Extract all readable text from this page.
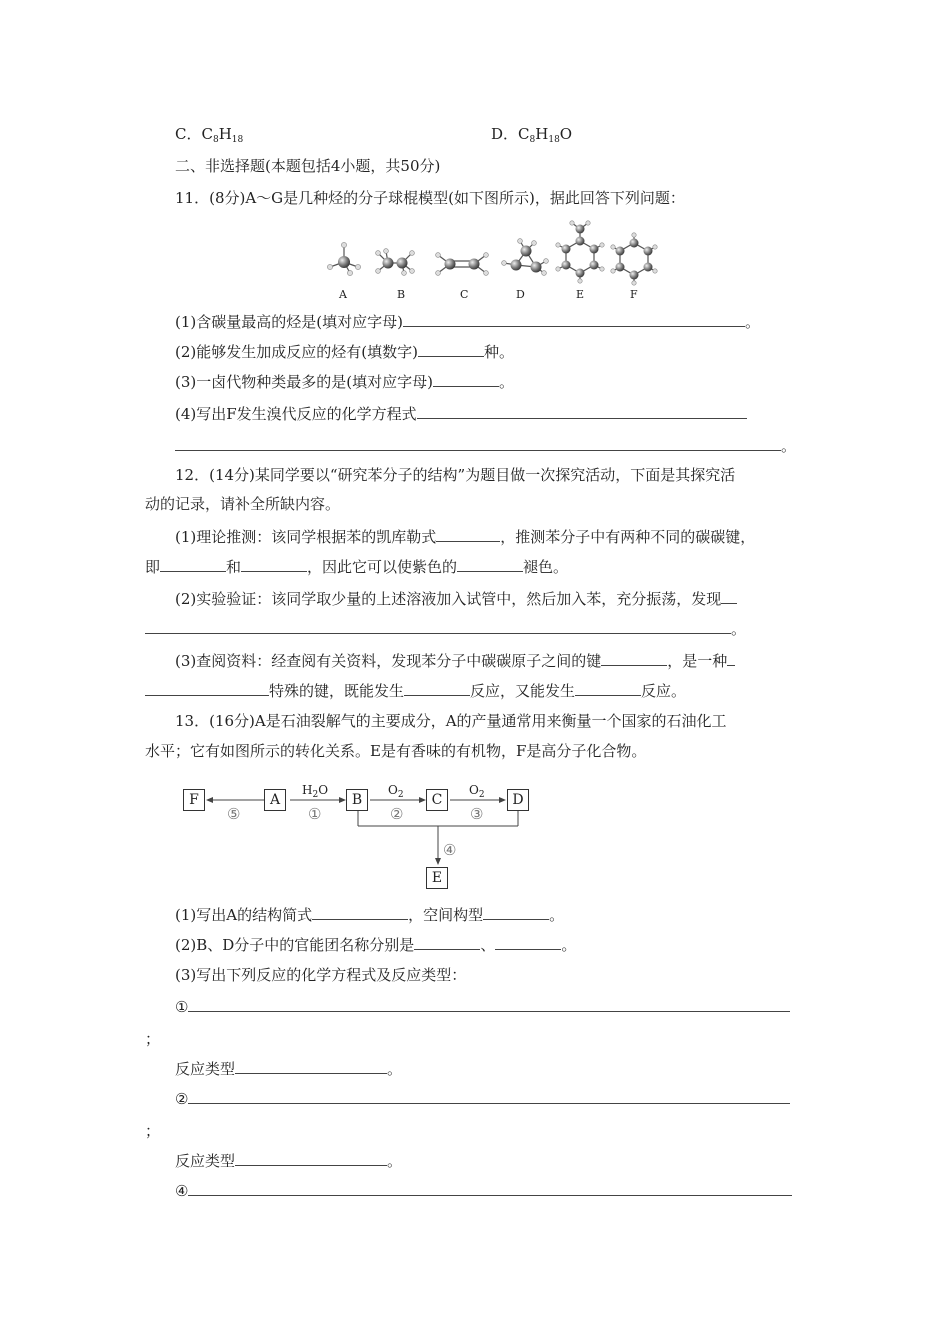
C．$C_8H_{18}$	D．$C_8H_{18}O$
二、非选择题(本题包括4小题，共50分)
11．(8分)A～G是几种烃的分子球棍模型(如下图所示)，据此回答下列问题：
A	B	C	D	E	F
(1)含碳量最高的烃是(填对应字母)	。
(2)能够发生加成反应的烃有(填数字)	种。
(3)一卤代物种类最多的是(填对应字母)	。
(4)写出F发生溴代反应的化学方程式
。
12．(14分)某同学要以“研究苯分子的结构”为题目做一次探究活动，下面是其探究活
动的记录，请补全所缺内容。
(1)理论推测：该同学根据苯的凯库勒式	，推测苯分子中有两种不同的碳碳键，
即	和	，因此它可以使紫色的	褪色。
(2)实验验证：该同学取少量的上述溶液加入试管中，然后加入苯，充分振荡，发现
。
(3)查阅资料：经查阅有关资料，发现苯分子中碳碳原子之间的键	，是一种
特殊的键，既能发生	反应，又能发生	反应。
13．(16分)A是石油裂解气的主要成分，A的产量通常用来衡量一个国家的石油化工
水平；它有如图所示的转化关系。E是有香味的有机物，F是高分子化合物。
F	A	B	C	D
E
$H_2O$	$O_2$	$O_2$
⑤	①	②	③
④
(1)写出A的结构简式	，空间构型	。
(2)B、D分子中的官能团名称分别是	、	。
(3)写出下列反应的化学方程式及反应类型：
①
；
反应类型	。
②
；
反应类型	。
④
